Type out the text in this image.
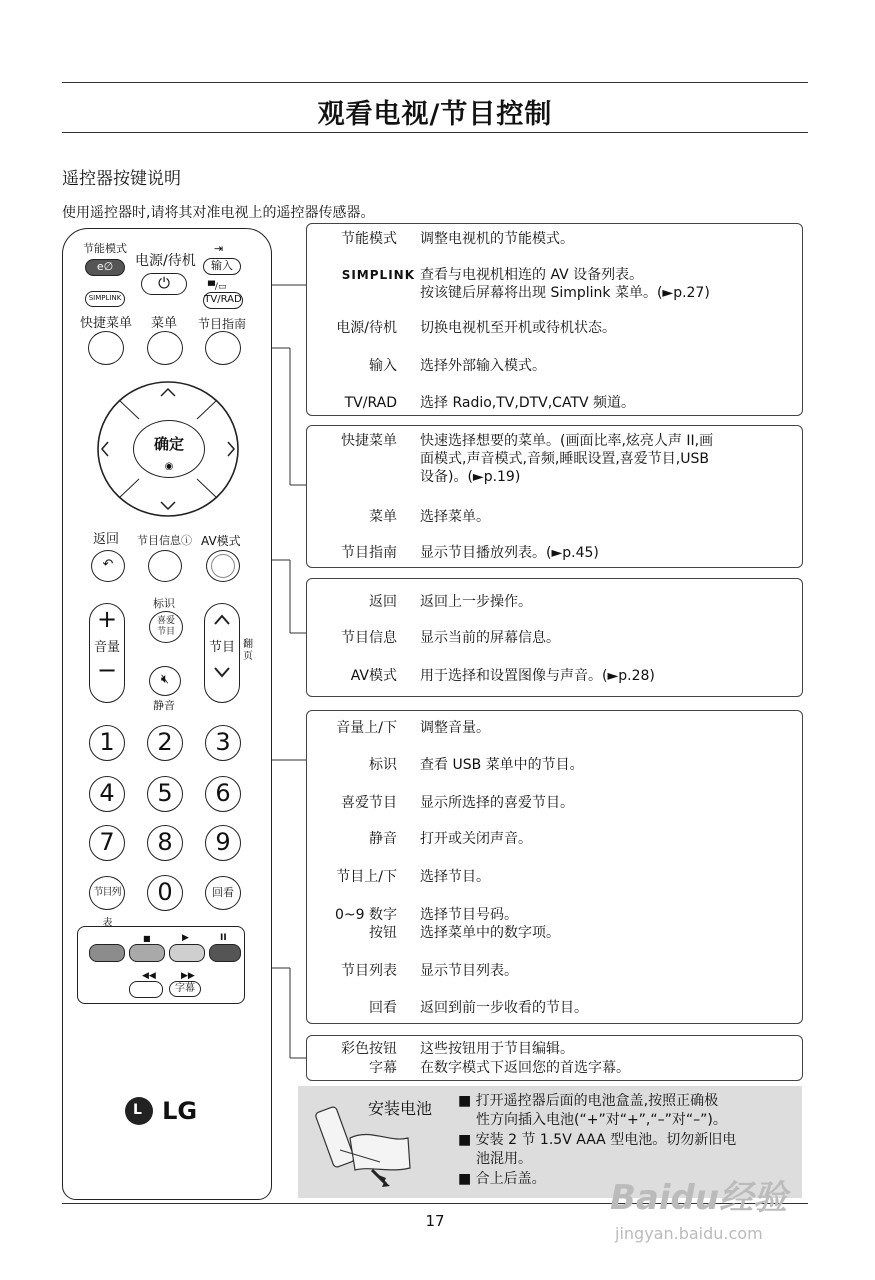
观看电视/节目控制
遥控器按键说明
使用遥控器时,请将其对准电视上的遥控器传感器。
节能模式
e∅	电源/待机
⏻
⇥
输入
▀/▭
TV/RAD
SIMPLINK
快捷菜单 菜单 节目指南
确定
◉
返回 节目信息ⓘ AV模式
↶
+
音量
−
标识
喜爱
节目
🔇︎
静音
节目 翻页
1	2	3
4	5	6
7	8	9
节目列表
0	回看
■	▶	II
◀◀	▶▶
字幕
L LG
节能模式 调整电视机的节能模式。
SIMPLINK 查看与电视机相连的 AV 设备列表。
按该键后屏幕将出现 Simplink 菜单。(►p.27)
电源/待机 切换电视机至开机或待机状态。
输入 选择外部输入模式。
TV/RAD 选择 Radio,TV,DTV,CATV 频道。
快捷菜单 快速选择想要的菜单。(画面比率,炫亮人声 II,画
面模式,声音模式,音频,睡眠设置,喜爱节目,USB
设备)。(►p.19)
菜单 选择菜单。
节目指南 显示节目播放列表。(►p.45)
返回 返回上一步操作。
节目信息 显示当前的屏幕信息。
AV模式 用于选择和设置图像与声音。(►p.28)
音量上/下 调整音量。
标识 查看 USB 菜单中的节目。
喜爱节目 显示所选择的喜爱节目。
静音 打开或关闭声音。
节目上/下 选择节目。
0~9 数字
按钮
选择节目号码。
选择菜单中的数字项。
节目列表 显示节目列表。
回看 返回到前一步收看的节目。
彩色按钮 这些按钮用于节目编辑。
字幕 在数字模式下返回您的首选字幕。
安装电池 ■ 打开遥控器后面的电池盒盖,按照正确极
性方向插入电池(“+”对“+”,“–”对“–”)。
■ 安装 2 节 1.5V AAA 型电池。切勿新旧电
池混用。
■ 合上后盖。
17
Baidu经验
jingyan.baidu.com
